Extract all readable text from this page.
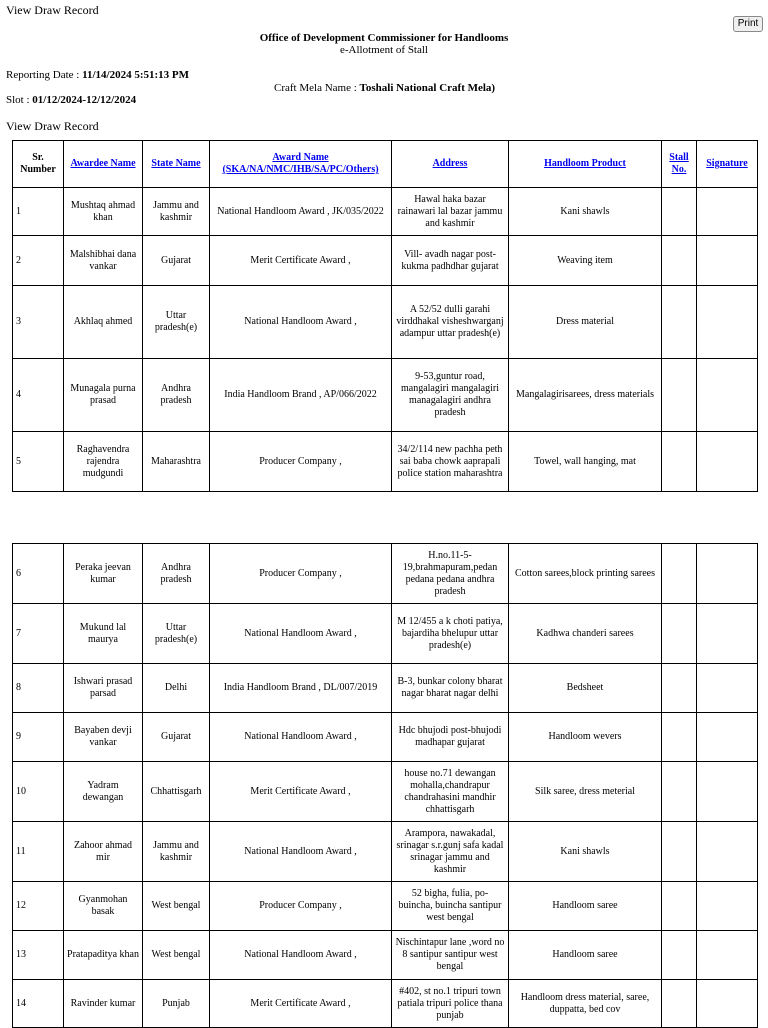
View Draw Record
Print
Office of Development Commissioner for Handlooms
e-Allotment of Stall
Reporting Date : 11/14/2024 5:51:13 PM
Craft Mela Name : Toshali National Craft Mela)
Slot : 01/12/2024-12/12/2024
View Draw Record
Sr. Number	Awardee Name	State Name	Award Name (SKA/NA/NMC/IHB/SA/PC/Others)	Address	Handloom Product	Stall No.	Signature
1	Mushtaq ahmad khan	Jammu and kashmir	National Handloom Award , JK/035/2022	Hawal haka bazar rainawari lal bazar jammu and kashmir	Kani shawls		
2	Malshibhai dana vankar	Gujarat	Merit Certificate Award ,	Vill- avadh nagar post-kukma padhdhar gujarat	Weaving item		
3	Akhlaq ahmed	Uttar pradesh(e)	National Handloom Award ,	A 52/52 dulli garahi virddhakal visheshwarganj adampur uttar pradesh(e)	Dress material		
4	Munagala purna prasad	Andhra pradesh	India Handloom Brand , AP/066/2022	9-53,guntur road, mangalagiri mangalagiri managalagiri andhra pradesh	Mangalagirisarees, dress materials		
5	Raghavendra rajendra mudgundi	Maharashtra	Producer Company ,	34/2/114 new pachha peth sai baba chowk aaprapali police station maharashtra	Towel, wall hanging, mat		
6	Peraka jeevan kumar	Andhra pradesh	Producer Company ,	H.no.11-5-19,brahmapuram,pedan pedana pedana andhra pradesh	Cotton sarees,block printing sarees		
7	Mukund lal maurya	Uttar pradesh(e)	National Handloom Award ,	M 12/455 a k choti patiya, bajardiha bhelupur uttar pradesh(e)	Kadhwa chanderi sarees		
8	Ishwari prasad parsad	Delhi	India Handloom Brand , DL/007/2019	B-3, bunkar colony bharat nagar bharat nagar delhi	Bedsheet		
9	Bayaben devji vankar	Gujarat	National Handloom Award ,	Hdc bhujodi post-bhujodi madhapar gujarat	Handloom wevers		
10	Yadram dewangan	Chhattisgarh	Merit Certificate Award ,	house no.71 dewangan mohalla,chandrapur chandrahasini mandhir chhattisgarh	Silk saree, dress meterial		
11	Zahoor ahmad mir	Jammu and kashmir	National Handloom Award ,	Arampora, nawakadal, srinagar s.r.gunj safa kadal srinagar jammu and kashmir	Kani shawls		
12	Gyanmohan basak	West bengal	Producer Company ,	52 bigha, fulia, po-buincha, buincha santipur west bengal	Handloom saree		
13	Pratapaditya khan	West bengal	National Handloom Award ,	Nischintapur lane ,word no 8 santipur santipur west bengal	Handloom saree		
14	Ravinder kumar	Punjab	Merit Certificate Award ,	#402, st no.1 tripuri town patiala tripuri police thana punjab	Handloom dress material, saree, duppatta, bed cov		
